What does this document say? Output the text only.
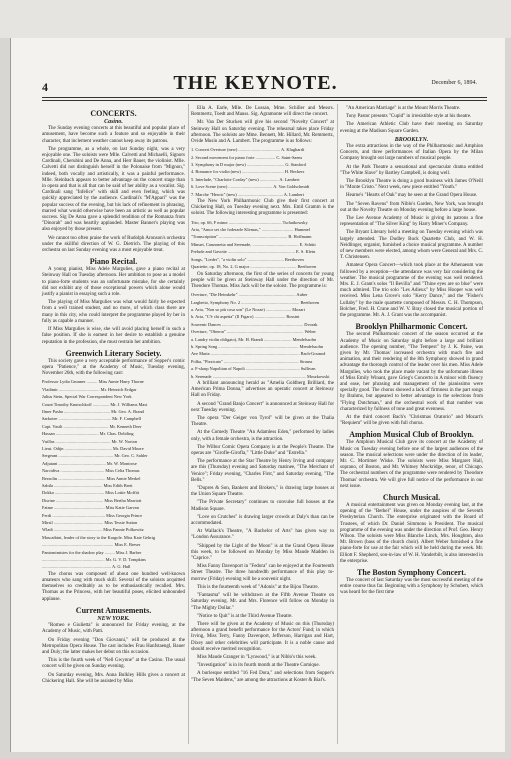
4	THE KEYNOTE.	December 6, 1894.
CONCERTS.
Casino.

The Sunday evening concerts at this beautiful and popular place of amusement, have become such a feature and so enjoyable in their character, that inclement weather cannot keep away its patrons.

The programme, as a whole, on last Sunday night, was a very enjoyable one. The soloists were Mlle. Calvetti and Michaelli, Signors Cardinali, Cherubini and De Anna, and Herr Bauer, the violinist. Mlle. Calvetti did not distinguish herself in the Polonaise from "Mignon," indeed, both vocally and artistically, it was a painful performance. Mlle. Steinbach appears to better advantage on the concert stage than in opera and that is all that can be said of her ability as a vocalist. Sig. Cardinali sang "Infelice" with skill and even feeling, which was quickly appreciated by the audience. Cardinali's "M'Appari" was the popular success of the evening, but his lack of refinement in phrasing, marred what would otherwise have been an artistic as well as popular success. Sig De Anna gave a splendid rendition of the Romanza from "Dinorah" and was heartily applauded. Master Banner's playing was also enjoyed by those present.

We cannot too often praise the work of Rudolph Aronson's orchestra under the skillful direction of W. G. Dietrich. The playing of this orchestra on last Sunday evening was a most enjoyable treat.

Piano Recital.

A young pianist, Miss Adele Margulies, gave a piano recital at Steinway Hall on Tuesday afternoon. Her ambition to pose as a model to piano-forte students was an unfortunate mistake, for she certainly did not exhibit any of those exceptional powers which alone would justify a pianist in essaying such a role.

The playing of Miss Margulies was what would fairly be expected from a well trained student, and no more, of which class there are many in this city, who could interpret the programme played by her in fully as capable a manner.

If Miss Margulies is wise, she will avoid placing herself in such a false position. If she is earnest in her desire to establish a genuine reputation in the profession, she must restrain her ambition.

Greenwich Literary Society.

This society gave a very acceptable performance of Sopper's comic opera "Patience," at the Academy of Music, Tuesday evening, November 26th, with the following cast:

Professor Lydia Grunner .......... Miss Annie Harry Thorne

Vladimir ..................................... Mr. Heinrich Erdgar

Julius Stein, Special War Correspondent New York

Count Timothy Knutschkoff ............... Mr. J. Williams Mast

Ilmer Pasha .......................................... Mr. Geo. A. Brand

Sarkotee ................................................ Mr. F. Campbell

Capt. Vasili ......................................... Mr. Kenneth Deer

Hassan ....................................... Mr. Chas. Dobiling

Vuillas .................................................. Mr. W. Norton

Lieut. Odijn ........................................... Mr. David Moore

Sergeant .................................................. Mr. Geo. C. Sahler

Adjutant ........................................... Mr. W. Montrose

Narcidiva ........................................ Miss Celia Thomas

Berzolin ........................................... Miss Annie Merkel

Sabila ............................................ Miss Edith Brett

Dokka ............................................. Miss Lottie Moffitt

Disrine ........................................... Miss Bertha Marriott

Fatme .............................................. Miss Katie Garvan

Ferdi ................................................ Miss Georgia Prince

Mirsil ............................................. Miss Tessie Sutton

Wladi ............................................ Miss Fannie Polkowitz

Mascatbini, leader of the story to the Kargole. Miss Kate Gehrig

................................................................. Miss E. Breser

Pantomimistes for the shadow play ......... Miss J. Barber

......................................................... Mr. G. V. D. Tompkins

............................................................... A. G. Hall

The chorus was composed of about one hundred well-known amateurs who sang with much skill. Several of the soloists acquitted themselves so creditably as to be enthusiastically recalled. Mrs. Thomas as the Princess, with her beautiful poses, elicited unbounded applause.

Current Amusements.
NEW YORK.

"Romeo e Giulietta" is announced for Friday evening, at the Academy of Music, with Patti.

On Friday evening "Don Giovanni," will be produced at the Metropolitan Opera House. The cast includes Frau Hanfstaengl, Bauer and Duly; the latter makes her debut on this occasion.

This is the fourth week of "Nell Gwynne" at the Casino. The usual concert will be given on Sunday evening.

On Saturday evening, Mrs. Anna Bulkley Hills gives a concert at Chickering Hall. She will be assisted by Miss

Ella A. Earle, Mlle. De Lussan, Mme. Schiller and Messrs. Remmertz, Toedt and Mauss. Sig. Agramonte will direct the concert.

Mr. Van Der Stucken will give his second "Novelty Concert" at Steinway Hall on Saturday evening. The rehearsal takes place Friday afternoon. The soloists are Mme. Bennett, Mr. Hillard, Mr. Remmertz, Ovide Musin and A. Lambert. The programme is as follows:

1. Concert Overture (new) ...................................... A. Klughardt

2. Second movement for piano forte .................. C. Saint-Saens

3. Symphony in D major (new) .................................. G. Stanford

4. Romance for violin (new) ...................................... H. Beckers

5. Interlude, "Charlotte Corday" (new) ................. A. Lambert

6. Love Scene (new) ........................................ A. Von Goldschmidt

7. Marche "Heroic" (new) ......................................... A. Lambert

The New York Philharmonic Club give their first concert at Chickering Hall, on Tuesday evening next. Mrs. Emil Gramm is the soloist. The following interesting programme is presented:

Trio, op. 66, F minor ................................................ Tschaikowsky

Aria, "Amor sei che foderarle Klemas," ............................. Hummel

"Transcription" .............................................................. B. Hoffmann

Minuet, Canzonetta and Serenade, .......................................... E. Schütt

Prelude and Gavotte ............................................................. E. S. Klein

Songs, "Lieder", "a violin solo" ................................. Beethoven

Quartette, op. 18, No. 2, G major .......................................... Beethoven

On Saturday afternoon, the first of the series of concerts for young people will be given at Steinway Hall under the direction of Mr. Theodore Thomas. Miss Jack will be the soloist. The programme is:

Overture, "Die Heimkehr" .................................................... Auber

Larghetto, Symphony No. 2 ..................................................... Beethoven

a. Aria, "Non so più cosa son" (Le Nozze) ....................... Mozart

b. Aria, "C'è chi aspetta" (Il Figaro) ............................ Rossini

Souvenir Dances .......................................................................... Dvorak

Overture, "Oberon" ...................................................................... Weber

a. Landry violin obligato), Mr. H. Brandt ......................... Mendelssohn

b. Spring Song ......................................................................... Mendelssohn

Ave Maria ................................................................................. Bach-Gounod

Polka, "Pizzicato" .................................................................... Strauss

a. F-sharp Napolitan of Napoli ................................................. Sullivan

b. Serenade ..................................................................................... Moszkowski

A brilliant announcing herald as "Amelia Goldberg Brilliard, the American Prima Donna," advertises an operatic concert at Steinway Hall on Friday.

A second "Grand Banjo Concert" is announced at Steinway Hall for next Tuesday evening.

The opera "Der Geiger von Tyrol" will be given at the Thalia Theatre.

At the Comedy Theatre "An Adamless Eden," performed by ladies only, with a female orchestra, is the attraction.

The Wilbur Comic Opera Company is at the People's Theatre. The operas are "Girofle-Girofla," "Little Duke" and "Estrella."

The performance at the Star Theatre by Henry Irving and company are this (Thursday) evening and Saturday matinee, "The Merchant of Venice"; Friday evening, "Charles First," and Saturday evening, "The Bells."

"Dupres & Son, Bankers and Brokers," is drawing large houses at the Union Square Theatre.

"The Private Secretary" continues to convulse full houses at the Madison Square.

"Love on Crutches" is drawing larger crowds at Daly's than can be accommodated.

At Wallack's Theatre, "A Bachelor of Arts" has given way to "London Assurance."

"Shipped by the Light of the Moon" is at the Grand Opera House this week, to be followed on Monday by Miss Maude Madden in "Caprice."

Miss Fanny Davenport in "Fedora" can be enjoyed at the Fourteenth Street Theatre. The three hundredth performance of this play to-morrow (Friday) evening will be a souvenir night.

This is the fourteenth week of "Adonis" at the Bijou Theatre.

"Fantasma" will be withdrawn at the Fifth Avenue Theatre on Saturday evening. Mr. and Mrs. Florence will follow on Monday in "The Mighty Dollar."

"Notice to Quit" is at the Third Avenue Theatre.

There will be given at the Academy of Music on this (Thursday) afternoon a grand benefit performance for the Actors' Fund; in which Irving, Miss Terry, Fanny Davenport, Jefferson, Harrigan and Hart, Dixey and other celebrities will participate. It is a noble cause and should receive merited recognition.

Miss Maude Granger in "Lynwood," is at Niblo's this week.

"Investigation" is in its fourth month at the Theatre Comique.

A burlesque entitled "16 Fed Dora," and selections from Sopper's "The Seven Maidens," are among the attractions at Koster & Bial's.

"An American Marriage" is at the Mount Morris Theatre.

Tony Pastor presents "Cupid" in irresistible style at his theatre.

The American Athletic Club have their meeting on Saturday evening at the Madison Square Garden.

BROOKLYN.

The extra attractions in the way of the Philharmonic and Amphion Concerts, and three performances of Italian Opera by the Milan Company brought out large numbers of musical people.

At the Park Theatre a sensational and spectacular drama entitled "The White Slave" by Bartley Campbell, is doing well.

The Brooklyn Theatre is doing a good business with James O'Neill in "Monte Cristo." Next week, new piece entitled "Youth."

Hearne's "Hearts of Oak" may be seen at the Grand Opera House.

The "Seven Ravens" from Niblo's Garden, New York, was brought out at the Novelty Theatre on Monday evening before a large house.

The Lee Avenue Academy of Music is giving its patrons a fine representation of "The Silver King" by Harry Miner's Company.

The Bryant Literary held a meeting on Tuesday evening which was largely attended. The Dudley Buck Quartette Club, and W. H. Neidlinger, organist, furnished a choice musical programme. A number of new members were elected, among whom were General and Mrs. C. T. Christensen.

Amateur Opera Concert—which took place at the Athenaeum was followed by a reception—the attendance was very fair considering the weather. The musical programme of the evening was well rendered. Mrs. E. J. Grant's solos "Il Bevilla" and "Thine eyes are so blue" were much admired. The trio solo "Les Adieux" by Miss Hooper was well received. Miss Lena Grove's solo "Kerry Dance," and the "Fisher's Lullaby" by the male quartette composed of Messrs. C. H. Thompson, Bolcher, Fred. H. Crane and W. V. Bray closed the musical portion of the programme. Mr. A. J. Grant was the accompanist.

Brooklyn Philharmonic Concert.

The second Philharmonic concert of the season occurred at the Academy of Music on Saturday night before a large and brilliant audience. The opening number, "The Tempest" by J. K. Paine, was given by Mr. Thomas' increased orchestra with much fire and animation, and their rendering of the 8th Symphony showed in grand advantage the thorough control of the leader over his men. Miss Adele Margulies, who took the place made vacant by the unfortunate illness of Miss Emily Winant, gave Grieg's Concerto in A minor with fluency and ease, her phrasing and management of the pianissimo were specially good. The chorus showed a lack of firmness in the part songs by Brahms, but appeared to better advantage in the selections from "Flying Dutchman," and the orchestral work of that number was characterized by fullness of tone and great evenness.

At the third concert Bach's "Christmas Oratorio" and Mozart's "Requiem" will be given with full chorus.

Amphion Musical Club of Brooklyn.

The Amphion Musical Club gave its concert at the Academy of Music on Tuesday evening before one of the largest audiences of the season. The musical selections were under the direction of its leader, Mr. C. Mortimer Wiske. The soloists were Miss Margaret Hall, soprano, of Boston, and Mr. Whitney Mockridge, tenor, of Chicago. The orchestral numbers of the programme were rendered by Theodore Thomas' orchestra. We will give full notice of the performance in our next issue.

Church Musical.

A musical entertainment was given on Monday evening last, at the opening of the "Bethel" House, under the auspices of the Seventh Presbyterian Church. The enterprise originated with the Board of Trustees, of which Dr. Daniel Simmons is President. The musical programme of the evening was under the direction of Prof. Geo. Henry Wilson. The soloists were Miss Blanche Linck, Mrs. Houghton, also Mr. Brown (bass of the church choir). Albert Weber furnished a fine piano-forte for use at the fair which will be held during the week. Mr. Elliott F. Shepherd, son-in-law of W. H. Vanderbilt, is also interested in the enterprise.

The Boston Symphony Concert.

The concert of last Saturday was the most successful meeting of the entire course thus far. Beginning with a Symphony by Schubert, which was heard for the first time
